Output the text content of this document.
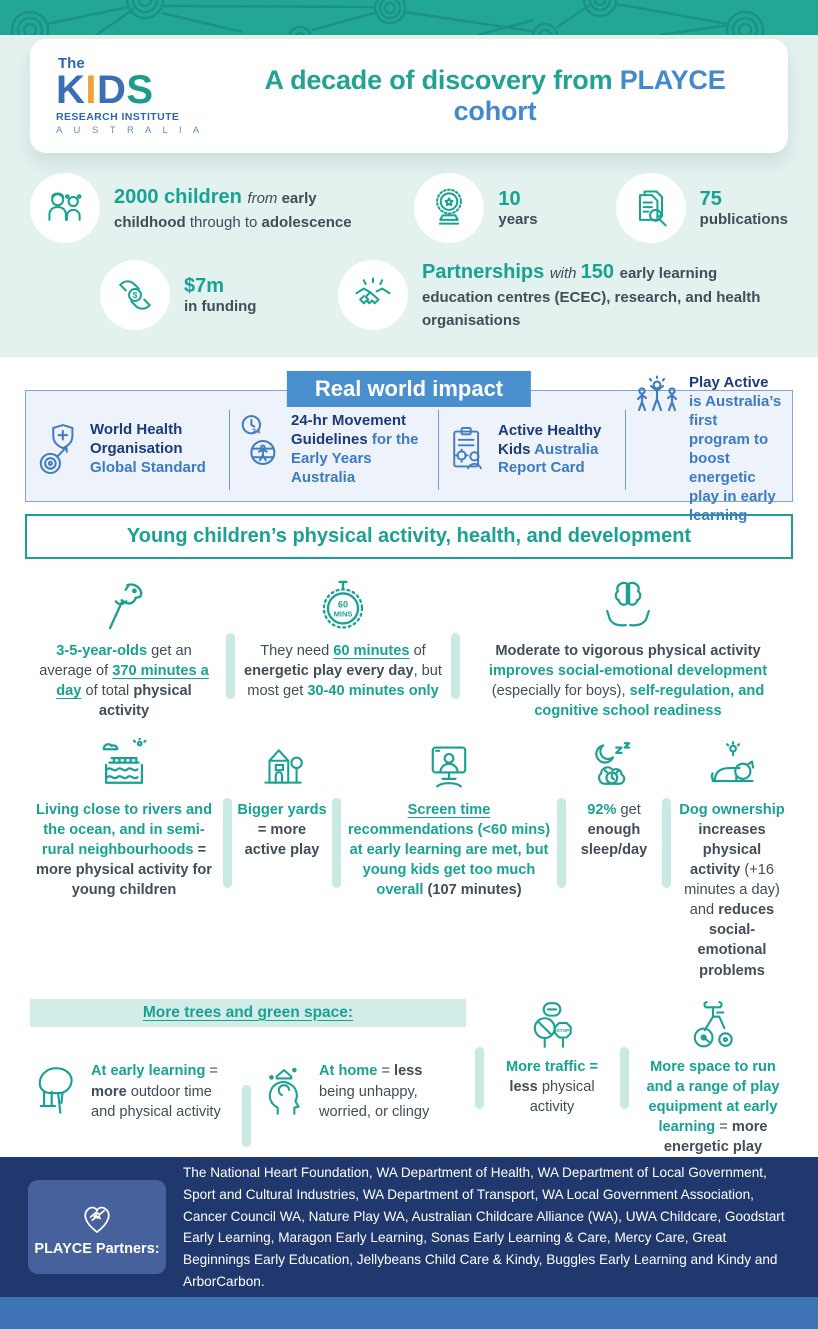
The
KIDS
RESEARCH INSTITUTE
A U S T R A L I A
A decade of discovery from PLAYCE cohort
2000 children from early childhood through to adolescence
10
years
75
publications
$ $7m
in funding
Partnerships with 150 early learning education centres (ECEC), research, and health organisations
Real world impact
World Health Organisation Global Standard
24
24-hr Movement Guidelines for the Early Years Australia
Active Healthy Kids Australia Report Card
Play Active is Australia’s first program to boost energetic play in early learning
Young children’s physical activity, health, and development
3-5-year-olds get an average of 370 minutes a day of total physical activity
60
MINS
They need 60 minutes of energetic play every day, but most get 30-40 minutes only
Moderate to vigorous physical activity improves social-emotional development (especially for boys), self-regulation, and cognitive school readiness
Living close to rivers and the ocean, and in semi-rural neighbourhoods = more physical activity for young children
Bigger yards = more active play
Screen time recommendations (<60 mins) at early learning are met, but young kids get too much overall (107 minutes)
92% get enough sleep/day
Dog ownership increases physical activity (+16 minutes a day) and reduces social-emotional problems
More trees and green space:
At early learning = more outdoor time and physical activity
At home = less being unhappy, worried, or clingy
STOP
More traffic = less physical activity
More space to run and a range of play equipment at early learning = more energetic play
PLAYCE Partners:
The National Heart Foundation, WA Department of Health, WA Department of Local Government, Sport and Cultural Industries, WA Department of Transport, WA Local Government Association, Cancer Council WA, Nature Play WA, Australian Childcare Alliance (WA), UWA Childcare, Goodstart Early Learning, Maragon Early Learning, Sonas Early Learning & Care, Mercy Care, Great Beginnings Early Education, Jellybeans Child Care & Kindy, Buggles Early Learning and Kindy and ArborCarbon.
